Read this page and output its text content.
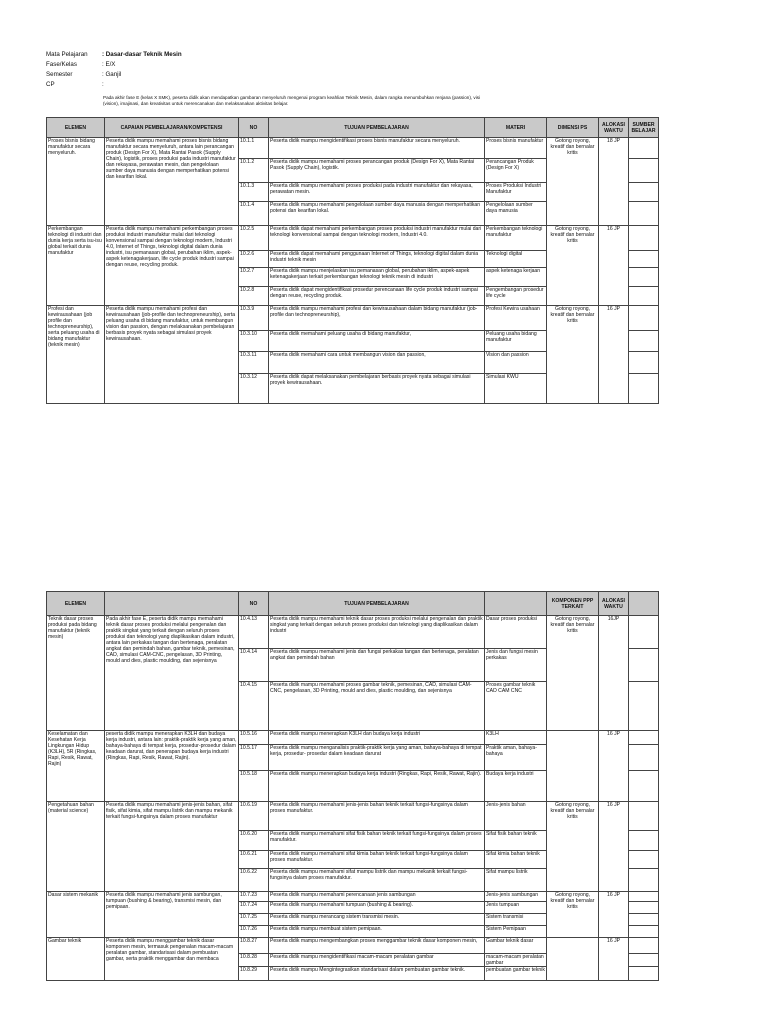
Mata Pelajaran	: Dasar-dasar Teknik Mesin
Fase/Kelas	: E/X
Semester	: Ganjil
CP	:
Pada akhir fase E (kelas X SMK), peserta didik akan mendapatkan gambaran menyeluruh mengenai program keahlian Teknik Mesin, dalam rangka menumbuhkan renjana (passion), visi (vision), imajinasi, dan kreativitas untuk merencanakan dan melaksanakan aktivitas belajar.
ELEMEN	CAPAIAN PEMBELAJARAN/KOMPETENSI	NO	TUJUAN PEMBELAJARAN	MATERI	DIMENSI PS	ALOKASI WAKTU	SUMBER BELAJAR
Proses bisnis bidang manufaktur secara menyeluruh.	Peserta didik mampu memahami proses bisnis bidang manufaktur secara menyeluruh, antara lain perancangan produk (Design For X), Mata Rantai Pasok (Supply Chain), logistik, proses produksi pada industri manufaktur dan rekayasa, perawatan mesin, dan pengelolaan sumber daya manusia dengan memperhatikan potensi dan kearifan lokal.	10.1.1	Peserta didik mampu mengidentifikasi proses bisnis manufaktur secara menyeluruh.	Proses bisnis manufaktur	Gotong royong, kreatif dan bernalar kritis	18 JP	
		10.1.2	Peserta didik mampu memahami proses perancangan produk (Design For X), Mata Rantai Pasok (Supply Chain), logistik.	Perancangan Produk (Design For X)			
		10.1.3	Peserta didik mampu memahami proses produksi pada industri manufaktur dan rekayasa, perawatan mesin.	Proses Produksi Industri Manufaktur			
		10.1.4	Peserta didik mampu memahami pengelolaan sumber daya manusia dengan memperhatikan potensi dan kearifan lokal.	Pengelolaan sumber daya manusia			
Perkembangan teknologi di industri dan dunia kerja serta isu-isu global terkait dunia manufaktur	Peserta didik mampu memahami perkembangan proses produksi industri manufaktur mulai dari teknologi konvensional sampai dengan teknologi modern, Industri 4.0, Internet of Things, teknologi digital dalam dunia industri, isu pemanasan global, perubahan iklim, aspek-aspek ketenagakerjaan, life cycle produk industri sampai dengan reuse, recycling produk.	10.2.5	Peserta didik dapat memahami perkembangan proses produksi industri manufaktur mulai dari teknologi konvensional sampai dengan teknologi modern, Industri 4.0.	Perkembangan teknologi manufaktur	Gotong royong, kreatif dan bernalar kritis	16 JP	
		10.2.6	Peserta didik dapat memahami penggunaan Internet of Things, teknologi digital dalam dunia industri teknik mesin	Teknologi digital			
		10.2.7	Peserta didik mampu menjelaskan isu pemanasan global, perubahan iklim, aspek-aspek ketenagakerjaan terkait perkembangan teknologi teknik mesin di industri	aspek ketenaga kerjaan			
		10.2.8	Peserta didik dapat mengidentifikasi prosedur perencanaan life cycle produk industri sampai dengan reuse, recycling produk.	Pengembangan prosedur life cycle			
Profesi dan kewirausahaan (job profile dan technopreneurship), serta peluang usaha di bidang manufaktur (teknik mesin)	Peserta didik mampu memahami profesi dan kewirausahaan (job-profile dan technopreneurship), serta peluang usaha di bidang manufaktur, untuk membangun vision dan passion, dengan melaksanakan pembelajaran berbasis proyek nyata sebagai simulasi proyek kewirausahaan.	10.3.9	Peserta didik mampu memahami profesi dan kewirausahaan dalam bidang manufaktur (job-profile dan technopreneurship),	Profesi Kewira usahaan	Gotong royong, kreatif dan bernalar kritis	16 JP	
		10.3.10	Peserta didik memahami peluang usaha di bidang manufaktur,	Peluang usaha bidang manufaktur			
		10.3.11	Peserta didik memahami cara untuk membangun vision dan passion,	Vision dan passion			
		10.3.12	Peserta didik dapat melaksanakan pembelajaran berbasis proyek nyata sebagai simulasi proyek kewirausahaan.	Simulasi KWU			
ELEMEN		NO	TUJUAN PEMBELAJARAN		KOMPONEN PPP TERKAIT	ALOKASI WAKTU	
Teknik dasar proses produksi pada bidang manufaktur (teknik mesin)	Pada akhir fase E, peserta didik mampu memahami teknik dasar proses produksi melalui pengenalan dan praktik singkat yang terkait dengan seluruh proses produksi dan teknologi yang diaplikasikan dalam industri, antara lain perkakas tangan dan bertenaga, peralatan angkat dan pemindah bahan, gambar teknik, pemesinan, CAD, simulasi CAM-CNC, pengelasan, 3D Printing, mould and dies, plastic moulding, dan sejenisnya	10.4.13	Peserta didik mampu memahami teknik dasar proses produksi melalui pengenalan dan praktik singkat yang terkait dengan seluruh proses produksi dan teknologi yang diaplikasikan dalam industri	Dasar proses produksi	Gotong royong, kreatif dan bernalar kritis	16JP	
		10.4.14	Peserta didik mampu memahami jenis dan fungsi perkakas tangan dan bertenaga, peralatan angkat dan pemindah bahan	Jenis dan fungsi mesin perkakas			
		10.4.15	Peserta didik mampu memahami proses gambar teknik, pemesinan, CAD, simulasi CAM-CNC, pengelasan, 3D Printing, mould and dies, plastic moulding, dan sejenisnya	Proses gambar teknik CAD CAM CNC			
Keselamatan dan Kesehatan Kerja Lingkungan Hidup (K3LH), 5R (Ringkas, Rapi, Resik, Rawat, Rajin)	peserta didik mampu menerapkan K3LH dan budaya kerja industri, antara lain: praktik-praktik kerja yang aman, bahaya-bahaya di tempat kerja, prosedur-prosedur dalam keadaan darurat, dan penerapan budaya kerja industri (Ringkas, Rapi, Resik, Rawat, Rajin).	10.5.16	Peserta didik mampu menerapkan K3LH dan budaya kerja industri	K3LH		16 JP	
		10.5.17	Peserta didik mampu menganalisis praktik-praktik kerja yang aman, bahaya-bahaya di tempat kerja, prosedur- prosedur dalam keadaan darurat	Praktik aman, bahaya-bahaya			
		10.5.18	Peserta didik mampu menerapkan budaya kerja industri (Ringkas, Rapi, Resik, Rawat, Rajin).	Budaya kerja industri			
Pengetahuan bahan (material science)	Peserta didik mampu memahami jenis-jenis bahan, sifat fisik, sifat kimia, sifat mampu listrik dan mampu mekanik terkait fungsi-fungsinya dalam proses manufaktur	10.6.19	Peserta didik mampu memahami jenis-jenis bahan teknik terkait fungsi-fungsinya dalam proses manufaktur.	Jenis-jenis bahan	Gotong royong, kreatif dan bernalar kritis	16 JP	
		10.6.20	Peserta didik mampu memahami sifat fisik bahan teknik terkait fungsi-fungsinya dalam proses manufaktur.	Sifat fisik bahan teknik			
		10.6.21	Peserta didik mampu memahami sifat kimia bahan teknik terkait fungsi-fungsinya dalam proses manufaktur.	Sifat kimia bahan teknik			
		10.6.22	Peserta didik mampu memahami sifat mampu listrik dan mampu mekanik terkait fungsi-fungsinya dalam proses manufaktur.	Sifat mampu listrik			
Dasar sistem mekanik	Peserta didik mampu memahami jenis sambungan, tumpuan (bushing & bearing), transmisi mesin, dan pemipaan.	10.7.23	Peserta didik mampu memahami perencanaan jenis sambungan	Jenis-jenis sambungan	Gotong royong, kreatif dan bernalar kritis	16 JP	
		10.7.24	Peserta didik mampu memahami tumpuan (bushing & bearing).	Jenis tumpuan			
		10.7.25	Peserta didik mampu merancang sistem transmisi mesin.	Sistem transmisi			
		10.7.26	Peserta didik mampu membuat sistem pemipaan.	Sistem Pemipaan			
Gambar teknik	Peserta didik mampu menggambar teknik dasar komponen mesin, termasuk pengenalan macam-macam peralatan gambar, standarisasi dalam pembuatan gambar, serta praktik menggambar dan membaca	10.8.27	Peserta didik mampu mengembangkan proses menggambar teknik dasar komponen mesin,	Gambar teknik dasar		16 JP	
		10.8.28	Peserta didik mampu mengidentifikasi macam-macam peralatan gambar	macam-macam peralatan gambar			
		10.8.29	Peserta didik mampu Mengintegrasikan standarisasi dalam pembuatan gambar teknik.	pembuatan gambar teknik			
